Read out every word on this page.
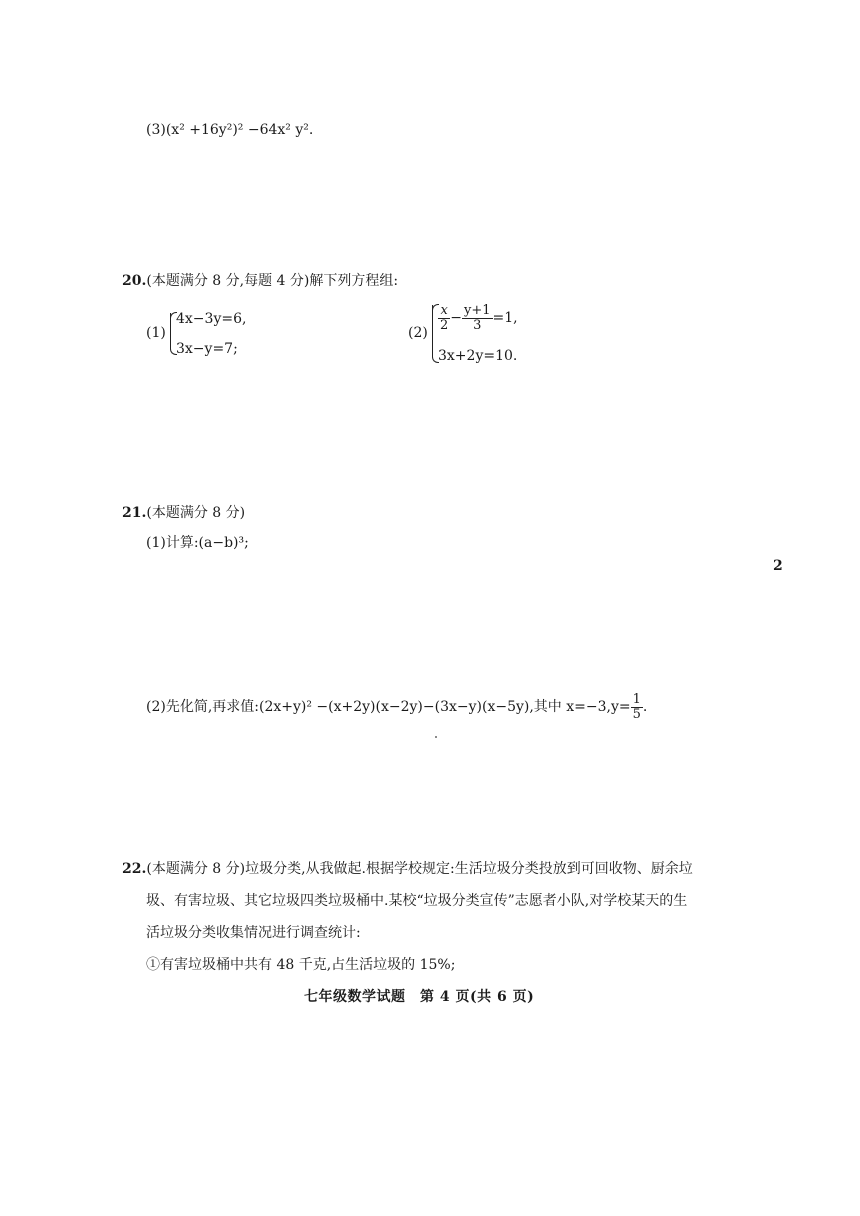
(3)(x² +16y²)² −64x² y².
20.(本题满分 8 分,每题 4 分)解下列方程组:
(1)
4x−3y=6,
3x−y=7;
(2)
$\frac{x}{2} - \frac{y+1}{3} =1$,
3x+2y=10.
21.(本题满分 8 分)
(1)计算:(a−b)³;
2
(2)先化简,再求值:(2x+y)² −(x+2y)(x−2y)−(3x−y)(x−5y),其中 $x=-3,y= \frac{1}{5}$ .
22.(本题满分 8 分)垃圾分类,从我做起.根据学校规定:生活垃圾分类投放到可回收物、厨余垃
圾、有害垃圾、其它垃圾四类垃圾桶中.某校“垃圾分类宣传”志愿者小队,对学校某天的生
活垃圾分类收集情况进行调查统计:
①有害垃圾桶中共有 48 千克,占生活垃圾的 15%;
七年级数学试题　第 4 页(共 6 页)
